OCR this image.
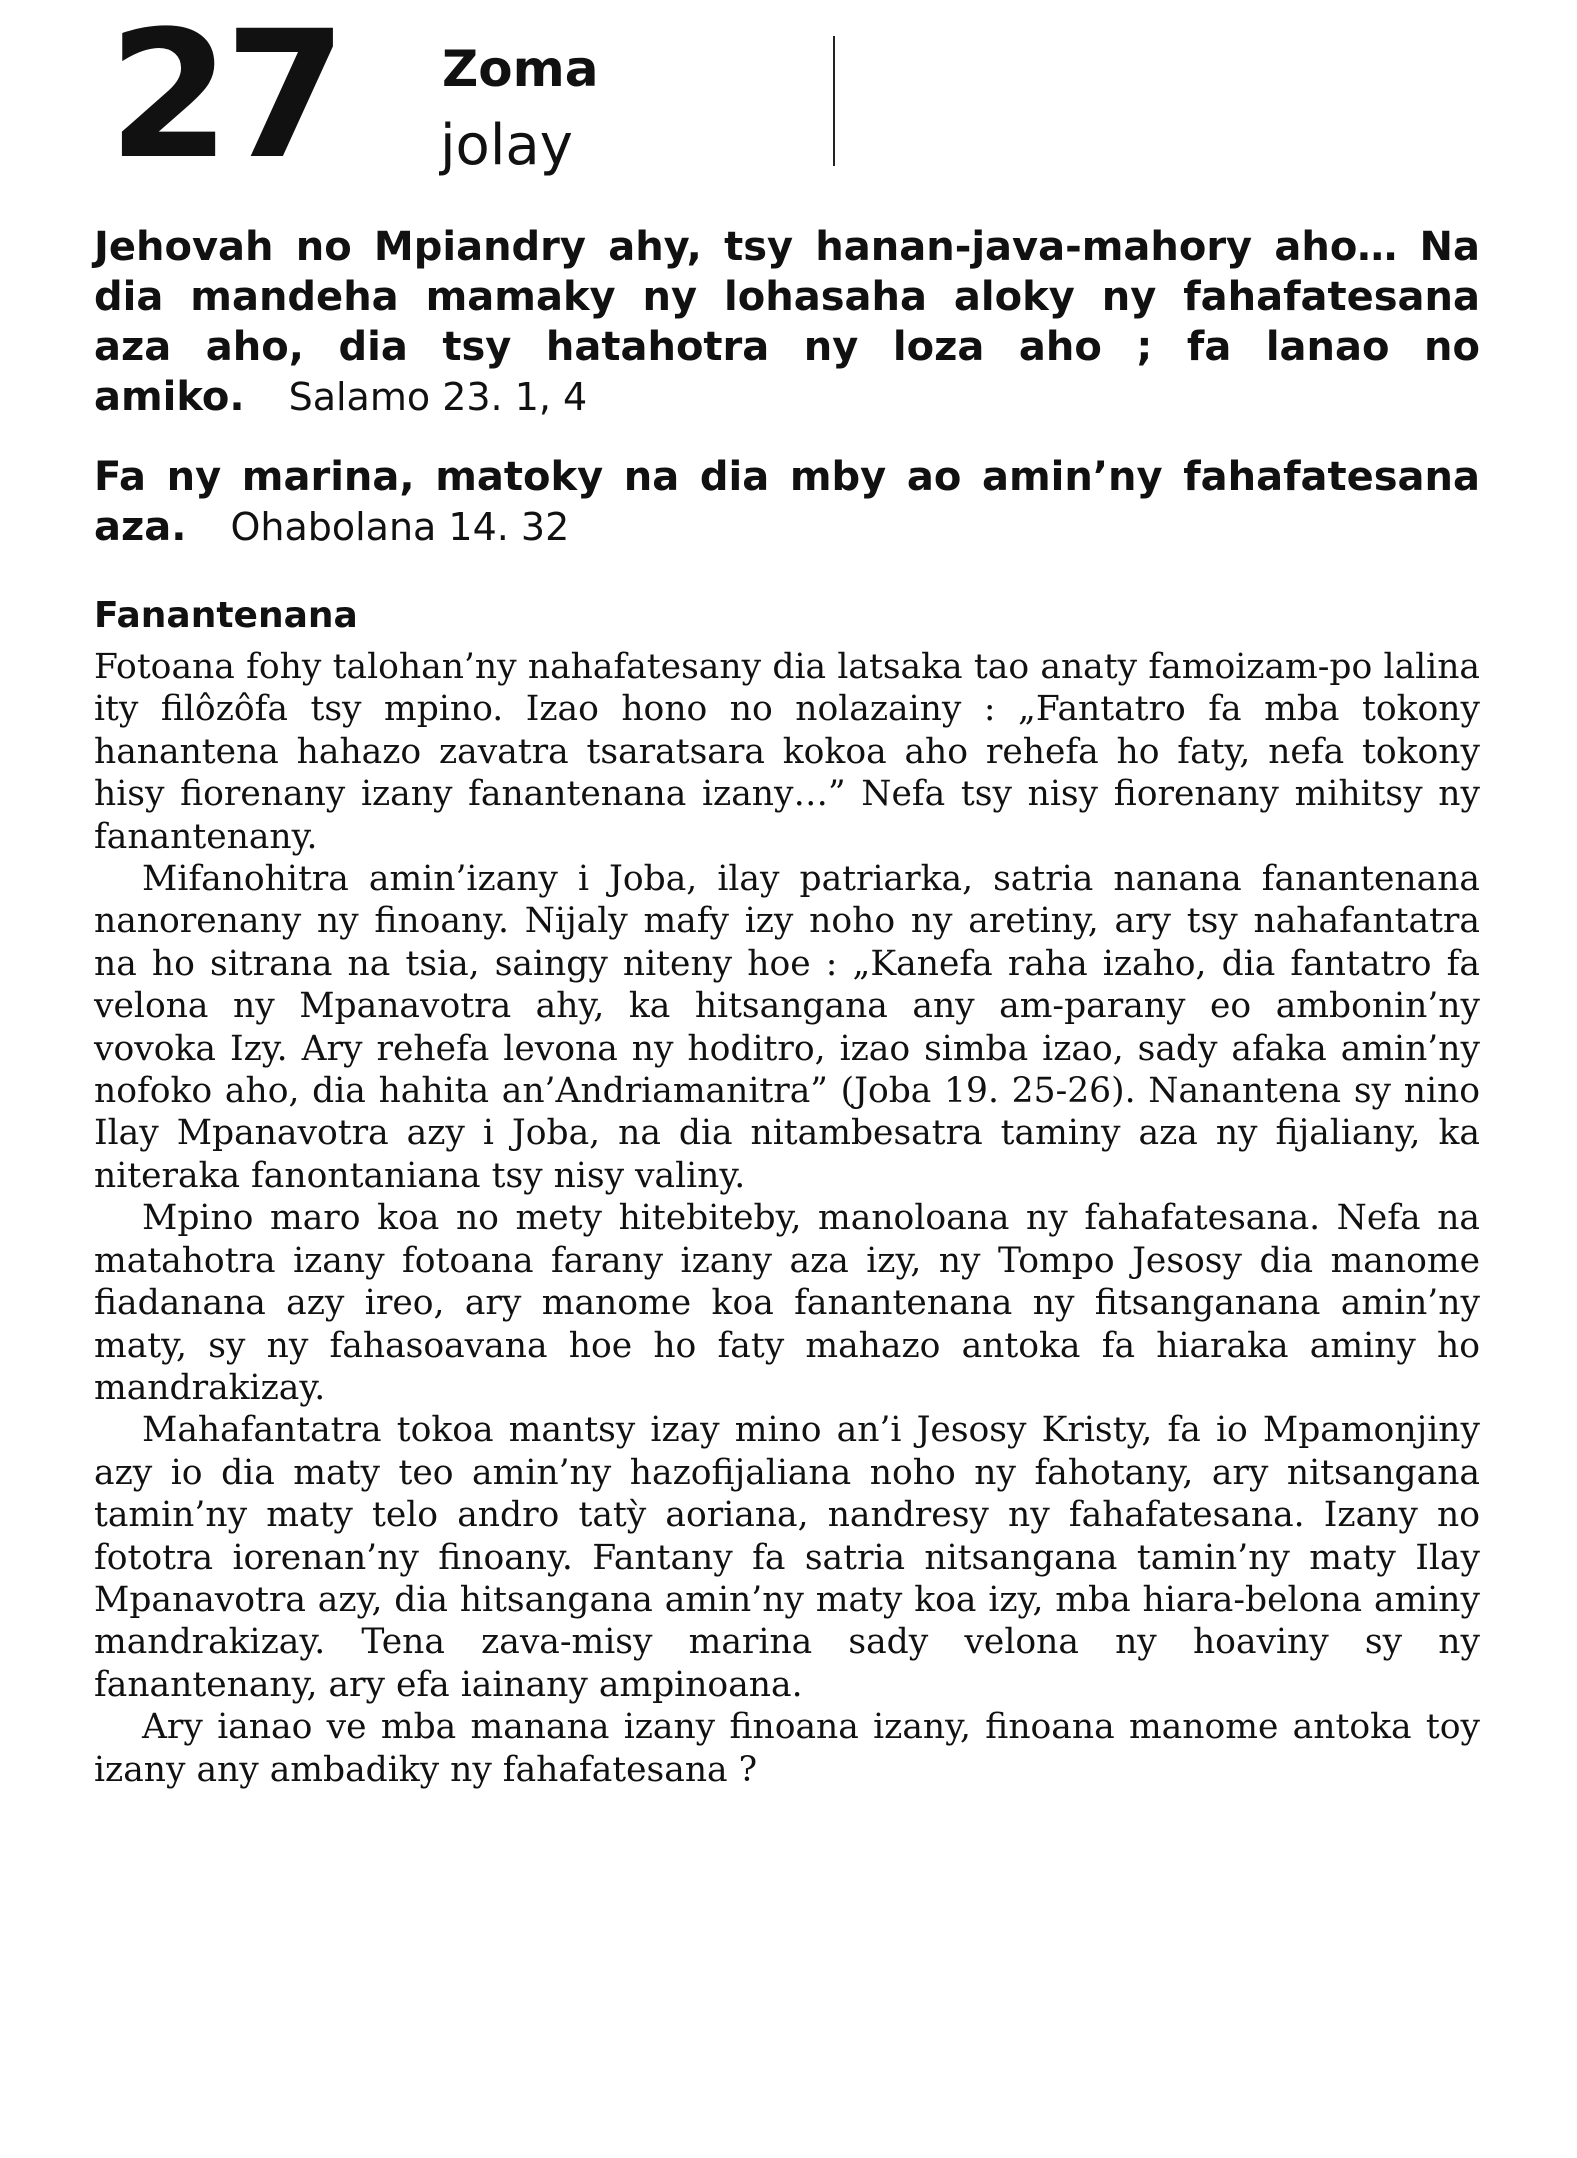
27 Zoma
jolay
Jehovah no Mpiandry ahy, tsy hanan-java-mahory aho… Na dia mandeha mamaky ny lohasaha aloky ny fahafatesana aza aho, dia tsy hatahotra ny loza aho ; fa lanao no amiko. Salamo 23. 1, 4
Fa ny marina, matoky na dia mby ao amin’ny fahafatesana aza. Ohabolana 14. 32
Fanantenana

Fotoana fohy talohan’ny nahafatesany dia latsaka tao anaty famoizam-po lalina ity filôzôfa tsy mpino. Izao hono no nolazainy : „Fantatro fa mba tokony hanantena hahazo zavatra tsaratsara kokoa aho rehefa ho faty, nefa tokony hisy fiorenany izany fanantenana izany…” Nefa tsy nisy fiorenany mihitsy ny fanantenany.

Mifanohitra amin’izany i Joba, ilay patriarka, satria nanana fanantenana nanorenany ny finoany. Nijaly mafy izy noho ny aretiny, ary tsy nahafantatra na ho sitrana na tsia, saingy niteny hoe : „Kanefa raha izaho, dia fantatro fa velona ny Mpanavotra ahy, ka hitsangana any am-parany eo ambonin’ny vovoka Izy. Ary rehefa levona ny hoditro, izao simba izao, sady afaka amin’ny nofoko aho, dia hahita an’Andriamanitra” (Joba 19. 25-26). Nanantena sy nino Ilay Mpanavotra azy i Joba, na dia nitambesatra taminy aza ny fijaliany, ka niteraka fanontaniana tsy nisy valiny.

Mpino maro koa no mety hitebiteby, manoloana ny fahafatesana. Nefa na matahotra izany fotoana farany izany aza izy, ny Tompo Jesosy dia manome fiadanana azy ireo, ary manome koa fanantenana ny fitsanganana amin’ny maty, sy ny fahasoavana hoe ho faty mahazo antoka fa hiaraka aminy ho mandrakizay.

Mahafantatra tokoa mantsy izay mino an’i Jesosy Kristy, fa io Mpamonjiny azy io dia maty teo amin’ny hazofijaliana noho ny fahotany, ary nitsangana tamin’ny maty telo andro tatỳ aoriana, nandresy ny fahafatesana. Izany no fototra iorenan’ny finoany. Fantany fa satria nitsangana tamin’ny maty Ilay Mpanavotra azy, dia hitsangana amin’ny maty koa izy, mba hiara-belona aminy mandrakizay. Tena zava-misy marina sady velona ny hoaviny sy ny fanantenany, ary efa iainany ampinoana.

Ary ianao ve mba manana izany finoana izany, finoana manome antoka toy izany any ambadiky ny fahafatesana ?
